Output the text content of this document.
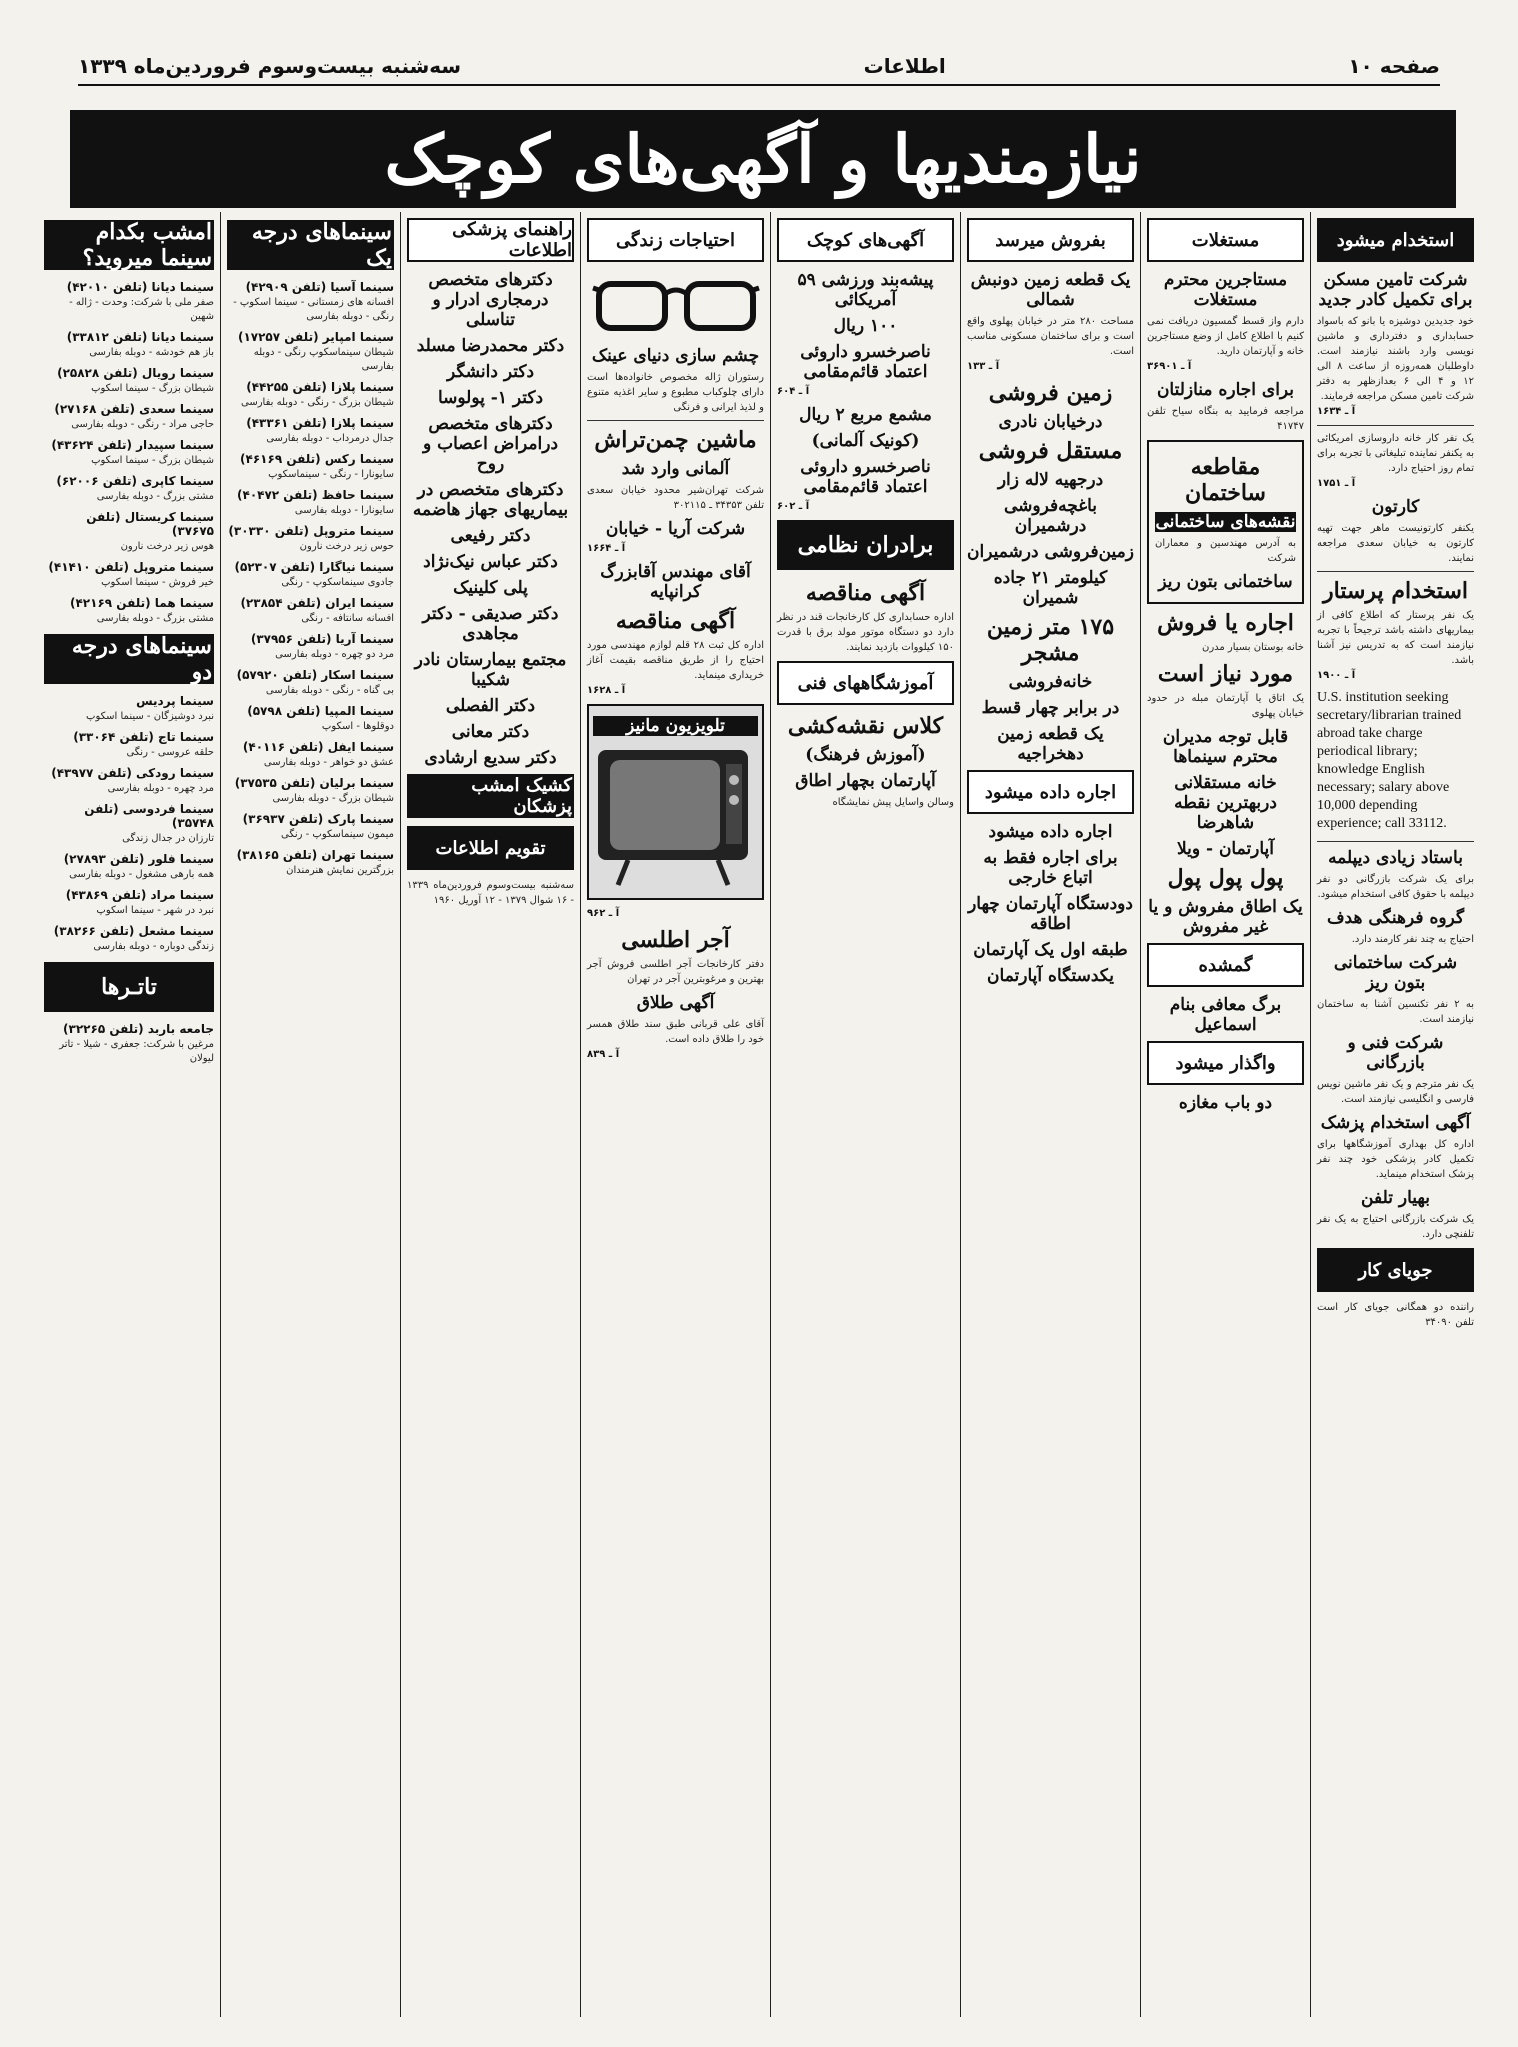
صفحه ۱۰
اطلاعات
سه‌شنبه بیست‌وسوم فروردین‌ماه ۱۳۳۹
نیازمندیها و آگهی‌های کوچک
استخدام میشود
شرکت تامین مسکن برای تکمیل کادر جدید

خود جدیدین دوشیزه یا بانو که باسواد حسابداری و دفترداری و ماشین نویسی وارد باشند نیازمند است. داوطلبان همه‌روزه از ساعت ۸ الی ۱۲ و ۴ الی ۶ بعدازظهر به دفتر شرکت تامین مسکن مراجعه فرمایند.

آ ـ ۱۶۳۴

یک نفر کار خانه داروسازی امریکائی به یکنفر نماینده تبلیغاتی با تجربه برای تمام روز احتیاج دارد.

آ ـ ۱۷۵۱
کارتون

یکنفر کارتونیست ماهر جهت تهیه کارتون به خیابان سعدی مراجعه نمایند.

استخدام پرستار

یک نفر پرستار که اطلاع کافی از بیماریهای داشته باشد ترجیحاً با تجربه نیازمند است که به تدریس نیز آشنا باشد.

آ ـ ۱۹۰۰
U.S. institution seeking secretary/librarian trained abroad take charge periodical library; knowledge English necessary; salary above 10,000 depending experience; call 33112.
باستاد زیادی دیپلمه

برای یک شرکت بازرگانی دو نفر دیپلمه با حقوق کافی استخدام میشود.

گروه فرهنگی هدف

احتیاج به چند نفر کارمند دارد.

شرکت ساختمانی بتون ریز

به ۲ نفر تکنسین آشنا به ساختمان نیازمند است.

شرکت فنی و بازرگانی

یک نفر مترجم و یک نفر ماشین نویس فارسی و انگلیسی نیازمند است.

آگهی استخدام پزشک

اداره کل بهداری آموزشگاهها برای تکمیل کادر پزشکی خود چند نفر پزشک استخدام مینماید.

بهیار تلفن

یک شرکت بازرگانی احتیاج به یک نفر تلفنچی دارد.

جویای کار

راننده دو همگانی جویای کار است تلفن ۳۴۰۹۰

مستغلات
مستاجرین محترم مستغلات

دارم واز قسط گمسیون دریافت نمی کنیم با اطلاع کامل از وضع مستاجرین خانه و آپارتمان دارید.

آ ـ ۳۶۹۰۱
برای اجاره منازلتان

مراجعه فرمایید به بنگاه سیاح تلفن ۴۱۷۴۷

مقاطعه ساختمان
نقشه‌های ساختمانی

به آدرس مهندسین و معماران شرکت

ساختمانی بتون ریز
اجاره یا فروش

خانه بوستان بسیار مدرن

مورد نیاز است

یک اتاق یا آپارتمان مبله در حدود خیابان پهلوی

قابل توجه مدیران محترم سینماها
خانه مستقلانی دربهترین نقطه شاهرضا
آپارتمان - ویلا
پول پول پول
یک اطاق مفروش و یا غیر مفروش
گمشده
برگ معافی بنام اسماعیل
واگذار میشود
دو باب مغازه
بفروش میرسد
یک قطعه زمین دونبش شمالی

مساحت ۲۸۰ متر در خیابان پهلوی واقع است و برای ساختمان مسکونی مناسب است.

آ ـ ۱۳۳
زمین فروشی
درخیابان نادری
مستقل فروشی
درجهیه لاله زار
باغچه‌فروشی درشمیران
زمین‌فروشی درشمیران
کیلومتر ۲۱ جاده شمیران
۱۷۵ متر زمین مشجر
خانه‌فروشی
در برابر چهار قسط
یک قطعه زمین دهخراجیه
اجاره داده میشود
اجاره داده میشود
برای اجاره فقط به اتباع خارجی
دودستگاه آپارتمان چهار اطاقه
طبقه اول یک آپارتمان
یکدستگاه آپارتمان
آگهی‌های کوچک
پیشه‌بند ورزشی ۵۹ آمریکائی
۱۰۰ ریال
ناصرخسرو داروئی اعتماد قائم‌مقامی
آ ـ ۶۰۴
مشمع مربع ۲ ریال
(کونیک آلمانی)
ناصرخسرو داروئی اعتماد قائم‌مقامی
آ ـ ۶۰۲
برادران نظامی
آگهی مناقصه

اداره حسابداری کل کارخانجات قند در نظر دارد دو دستگاه موتور مولد برق با قدرت ۱۵۰ کیلووات بازدید نمایند.

آموزشگاههای فنی
کلاس نقشه‌کشی
(آموزش فرهنگ)
آپارتمان بچهار اطاق

وسالن واسایل پیش نمایشگاه

احتیاجات زندگی
چشم سازی دنیای عینک

رستوران ژاله مخصوص خانواده‌ها است دارای چلوکباب مطبوع و سایر اغذیه متنوع و لذیذ ایرانی و فرنگی

ماشین چمن‌تراش
آلمانی وارد شد

شرکت تهران‌شیر محدود خیابان سعدی تلفن ۳۴۳۵۳ ـ ۳۰۲۱۱۵

شرکت آریا - خیابان
آ ـ ۱۶۶۴
آقای مهندس آقابزرگ کرانپایه
آگهی مناقصه

اداره کل ثبت ۲۸ قلم لوازم مهندسی مورد احتیاج را از طریق مناقصه بقیمت آغاز خریداری مینماید.

آ ـ ۱۶۲۸
تلویزیون مانیز
آ ـ ۹۶۲
آجر اطلسی

دفتر کارخانجات آجر اطلسی فروش آجر بهترین و مرغوبترین آجر در تهران

آگهی طلاق

آقای علی قربانی طبق سند طلاق همسر خود را طلاق داده است.

آ ـ ۸۳۹
راهنمای پزشکی اطلاعات
دکترهای متخصص درمجاری ادرار و تناسلی
دکتر محمدرضا مسلد
دکتر دانشگر
دکتر ۱- پولوسا
دکترهای متخصص درامراض اعصاب و روح
دکترهای متخصص در بیماریهای جهاز هاضمه
دکتر رفیعی
دکتر عباس نیک‌نژاد
پلی کلینیک
دکتر صدیقی - دکتر مجاهدی
مجتمع بیمارستان نادر شکیبا
دکتر الفصلی
دکتر معانی
دکتر سدیع ارشادی
کشیک امشب پزشکان
تقویم اطلاعات

سه‌شنبه بیست‌وسوم فروردین‌ماه ۱۳۳۹ - ۱۶ شوال ۱۳۷۹ - ۱۲ آوریل ۱۹۶۰

سینماهای درجه یک
سینما آسیا (تلفن ۴۲۹۰۹)
افسانه های زمستانی - سینما اسکوپ - رنگی - دوبله بفارسی
سینما امپایر (تلفن ۱۷۲۵۷)
شیطان سینماسکوپ رنگی - دوبله بفارسی
سینما پلازا (تلفن ۴۴۲۵۵)
شیطان بزرگ - رنگی - دوبله بفارسی
سینما پلازا (تلفن ۴۳۳۶۱)
جدال درمرداب - دوبله بفارسی
سینما رکس (تلفن ۴۶۱۶۹)
سایونارا - رنگی - سینماسکوپ
سینما حافظ (تلفن ۴۰۴۷۲)
سایونارا - دوبله بفارسی
سینما متروپل (تلفن ۳۰۳۳۰)
حوس زیر درخت نارون
سینما نیاگارا (تلفن ۵۲۳۰۷)
جادوی سینماسکوپ - رنگی
سینما ایران (تلفن ۲۳۸۵۴)
افسانه سانتافه - رنگی
سینما آریا (تلفن ۳۷۹۵۶)
مرد دو چهره - دوبله بفارسی
سینما اسکار (تلفن ۵۷۹۲۰)
بی گناه - رنگی - دوبله بفارسی
سینما المپیا (تلفن ۵۷۹۸)
دوقلوها - اسکوپ
سینما ایفل (تلفن ۴۰۱۱۶)
عشق دو خواهر - دوبله بفارسی
سینما برلیان (تلفن ۳۷۵۳۵)
شیطان بزرگ - دوبله بفارسی
سینما پارک (تلفن ۳۶۹۳۷)
میمون سینماسکوپ - رنگی
سینما تهران (تلفن ۳۸۱۶۵)
بزرگترین نمایش هنرمندان
امشب بکدام سینما میروید؟
سینما دیانا (تلفن ۴۲۰۱۰)
صفر ملی با شرکت: وحدت - ژاله - شهین
سینما دیانا (تلفن ۳۳۸۱۲)
باز هم خودشه - دوبله بفارسی
سینما رویال (تلفن ۲۵۸۲۸)
شیطان بزرگ - سینما اسکوپ
سینما سعدی (تلفن ۲۷۱۶۸)
حاجی مراد - رنگی - دوبله بفارسی
سینما سپیدار (تلفن ۴۳۶۲۴)
شیطان بزرگ - سینما اسکوپ
سینما کاپری (تلفن ۶۲۰۰۶)
مشتی بزرگ - دوبله بفارسی
سینما کریستال (تلفن ۳۷۶۷۵)
هوس زیر درخت نارون
سینما متروپل (تلفن ۴۱۴۱۰)
خیر فروش - سینما اسکوپ
سینما هما (تلفن ۴۲۱۶۹)
مشتی بزرگ - دوبله بفارسی
سینماهای درجه دو
سینما پردیس
نبرد دوشیزگان - سینما اسکوپ
سینما تاج (تلفن ۳۳۰۶۴)
حلقه عروسی - رنگی
سینما رودکی (تلفن ۴۳۹۷۷)
مرد چهره - دوبله بفارسی
سینما فردوسی (تلفن ۳۵۷۴۸)
تارزان در جدال زندگی
سینما فلور (تلفن ۲۷۸۹۳)
همه بارهی مشغول - دوبله بفارسی
سینما مراد (تلفن ۴۳۸۶۹)
نبرد در شهر - سینما اسکوپ
سینما مشعل (تلفن ۳۸۲۶۶)
زندگی دوباره - دوبله بفارسی
تاتـرها
جامعه باربد (تلفن ۳۲۲۶۵)
مرغین با شرکت: جعفری - شیلا - تاتر لیولان
